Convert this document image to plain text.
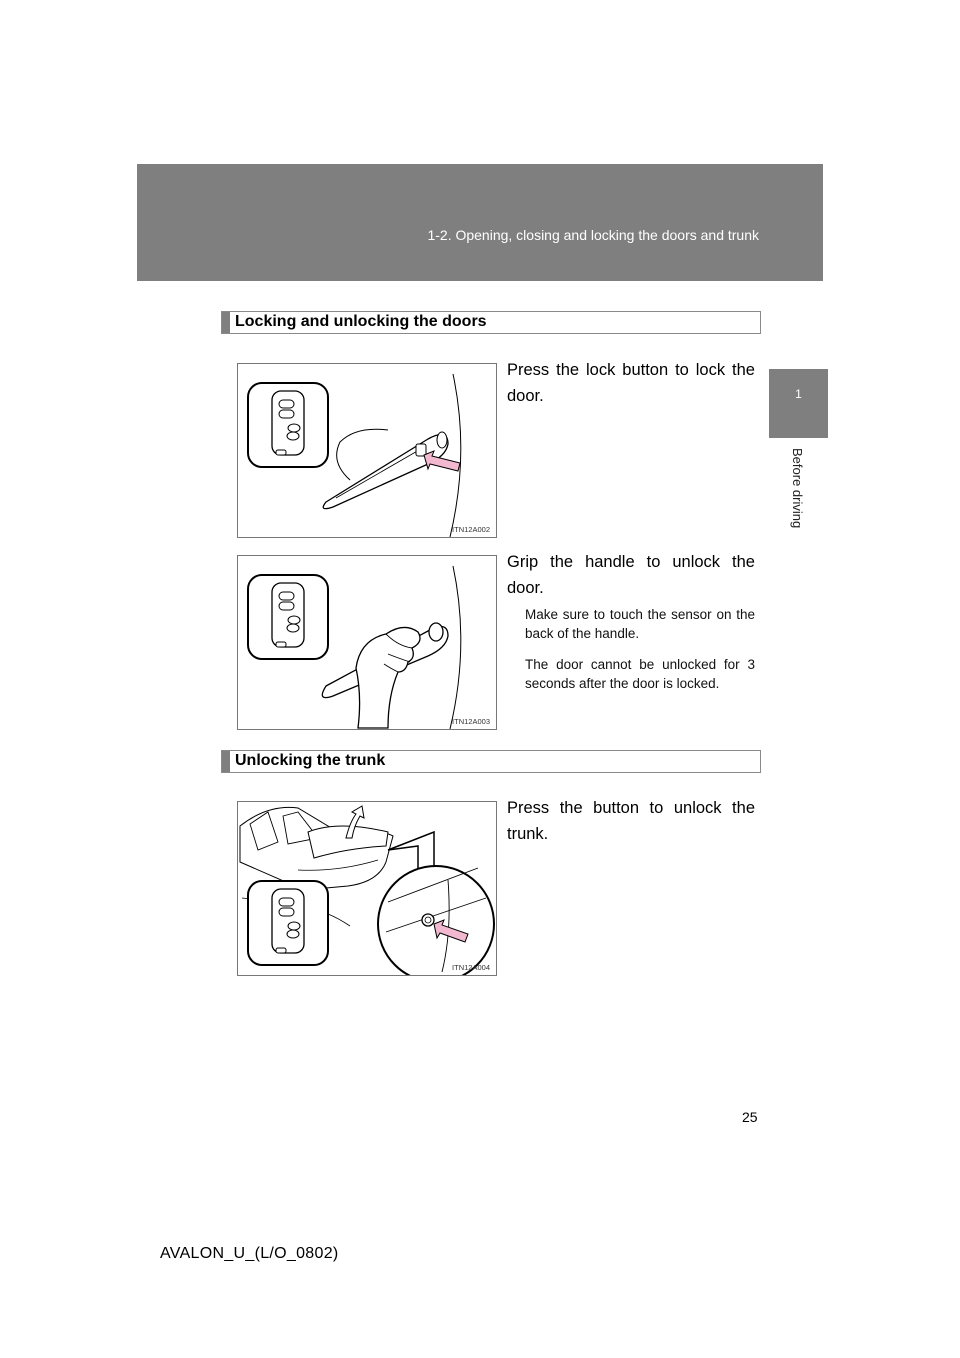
1-2. Opening, closing and locking the doors and trunk
1
Before driving
Locking and unlocking the doors
ITN12A002
Press the lock button to lock the door.
ITN12A003
Grip the handle to unlock the door.
Make sure to touch the sensor on the back of the handle.
The door cannot be unlocked for 3 seconds after the door is locked.
Unlocking the trunk
ITN12A004
Press the button to unlock the trunk.
25
AVALON_U_(L/O_0802)
